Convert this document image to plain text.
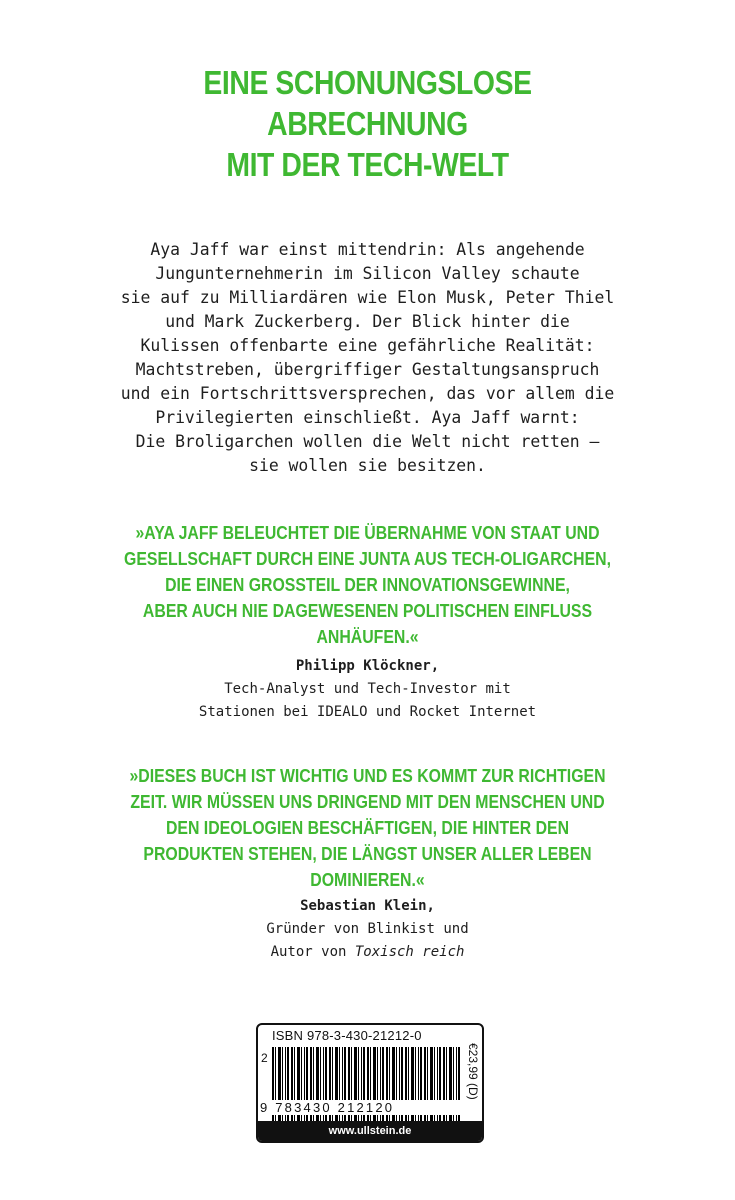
EINE SCHONUNGSLOSE
ABRECHNUNG
MIT DER TECH-WELT
Aya Jaff war einst mittendrin: Als angehende
Jungunternehmerin im Silicon Valley schaute
sie auf zu Milliardären wie Elon Musk, Peter Thiel
und Mark Zuckerberg. Der Blick hinter die
Kulissen offenbarte eine gefährliche Realität:
Machtstreben, übergriffiger Gestaltungsanspruch
und ein Fortschrittsversprechen, das vor allem die
Privilegierten einschließt. Aya Jaff warnt:
Die Broligarchen wollen die Welt nicht retten –
sie wollen sie besitzen.
»AYA JAFF BELEUCHTET DIE ÜBERNAHME VON STAAT UND
GESELLSCHAFT DURCH EINE JUNTA AUS TECH-OLIGARCHEN,
DIE EINEN GROSSTEIL DER INNOVATIONSGEWINNE,
ABER AUCH NIE DAGEWESENEN POLITISCHEN EINFLUSS
ANHÄUFEN.«
Philipp Klöckner,
Tech-Analyst und Tech-Investor mit
Stationen bei IDEALO und Rocket Internet
»DIESES BUCH IST WICHTIG UND ES KOMMT ZUR RICHTIGEN
ZEIT. WIR MÜSSEN UNS DRINGEND MIT DEN MENSCHEN UND
DEN IDEOLOGIEN BESCHÄFTIGEN, DIE HINTER DEN
PRODUKTEN STEHEN, DIE LÄNGST UNSER ALLER LEBEN
DOMINIEREN.«
Sebastian Klein,
Gründer von Blinkist und
Autor von Toxisch reich
ISBN 978-3-430-21212-0
2
9 783430 212120
€23,99 (D)
www.ullstein.de
